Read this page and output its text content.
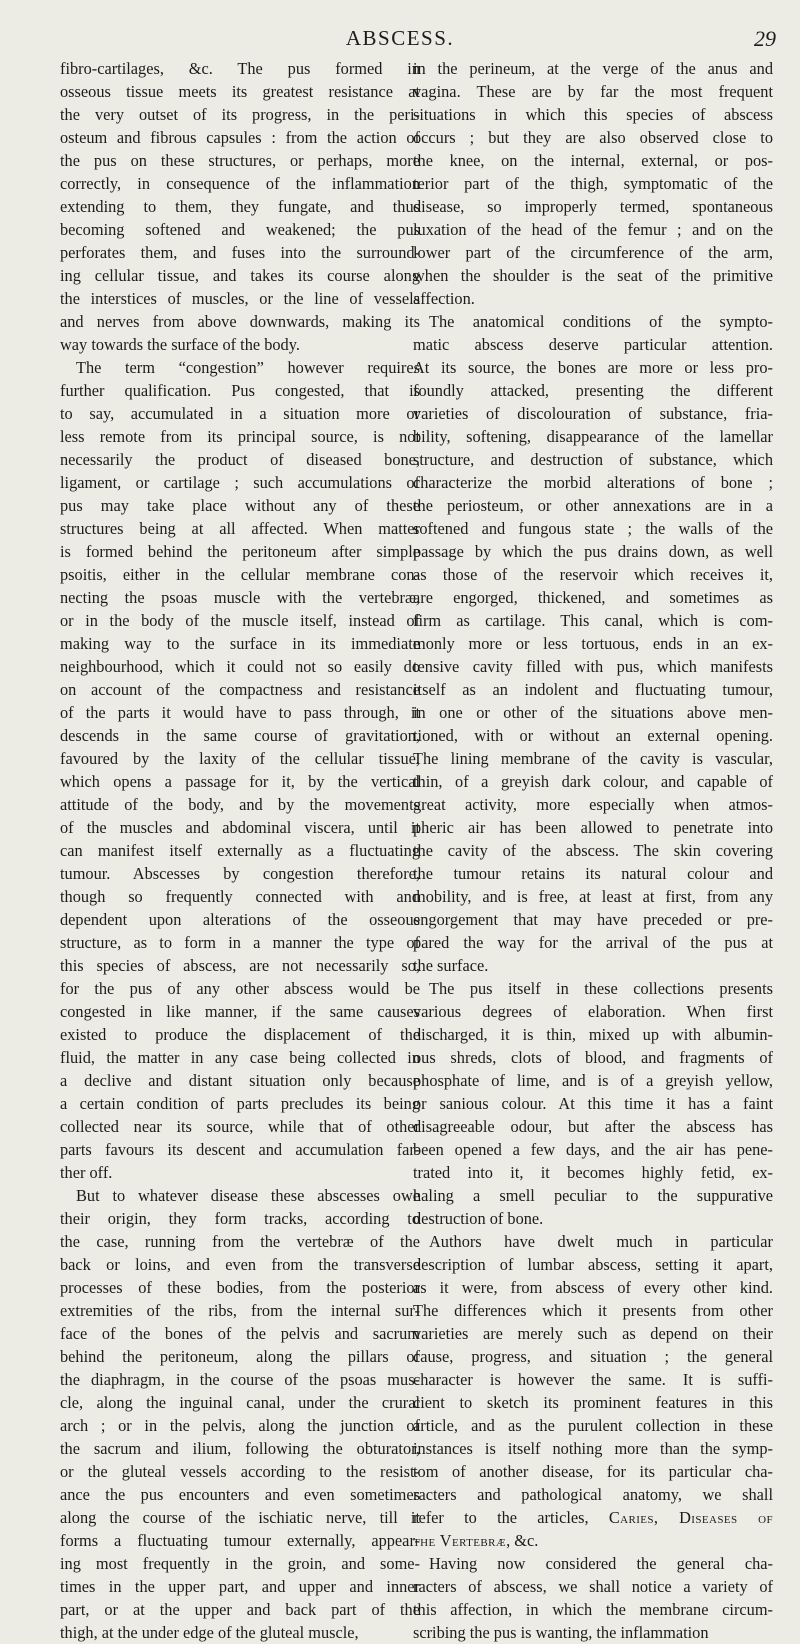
ABSCESS.	29
fibro-cartilages, &c. The pus formed in
osseous tissue meets its greatest resistance at
the very outset of its progress, in the peri-
osteum and fibrous capsules : from the action of
the pus on these structures, or perhaps, more
correctly, in consequence of the inflammation
extending to them, they fungate, and thus
becoming softened and weakened; the pus
perforates them, and fuses into the surround-
ing cellular tissue, and takes its course along
the interstices of muscles, or the line of vessels
and nerves from above downwards, making its
way towards the surface of the body.
The term “congestion” however requires
further qualification. Pus congested, that is
to say, accumulated in a situation more or
less remote from its principal source, is not
necessarily the product of diseased bone,
ligament, or cartilage ; such accumulations of
pus may take place without any of these
structures being at all affected. When matter
is formed behind the peritoneum after simple
psoitis, either in the cellular membrane con-
necting the psoas muscle with the vertebræ,
or in the body of the muscle itself, instead of
making way to the surface in its immediate
neighbourhood, which it could not so easily do
on account of the compactness and resistance
of the parts it would have to pass through, it
descends in the same course of gravitation,
favoured by the laxity of the cellular tissue,
which opens a passage for it, by the vertical
attitude of the body, and by the movements
of the muscles and abdominal viscera, until it
can manifest itself externally as a fluctuating
tumour. Abscesses by congestion therefore,
though so frequently connected with and
dependent upon alterations of the osseous
structure, as to form in a manner the type of
this species of abscess, are not necessarily so,
for the pus of any other abscess would be
congested in like manner, if the same causes
existed to produce the displacement of the
fluid, the matter in any case being collected in
a declive and distant situation only because
a certain condition of parts precludes its being
collected near its source, while that of other
parts favours its descent and accumulation far-
ther off.
But to whatever disease these abscesses owe
their origin, they form tracks, according to
the case, running from the vertebræ of the
back or loins, and even from the transverse
processes of these bodies, from the posterior
extremities of the ribs, from the internal sur-
face of the bones of the pelvis and sacrum
behind the peritoneum, along the pillars of
the diaphragm, in the course of the psoas mus-
cle, along the inguinal canal, under the crural
arch ; or in the pelvis, along the junction of
the sacrum and ilium, following the obturator,
or the gluteal vessels according to the resist-
ance the pus encounters and even sometimes
along the course of the ischiatic nerve, till it
forms a fluctuating tumour externally, appear-
ing most frequently in the groin, and some-
times in the upper part, and upper and inner
part, or at the upper and back part of the
thigh, at the under edge of the gluteal muscle,
in the perineum, at the verge of the anus and
vagina. These are by far the most frequent
situations in which this species of abscess
occurs ; but they are also observed close to
the knee, on the internal, external, or pos-
terior part of the thigh, symptomatic of the
disease, so improperly termed, spontaneous
luxation of the head of the femur ; and on the
lower part of the circumference of the arm,
when the shoulder is the seat of the primitive
affection.
The anatomical conditions of the sympto-
matic abscess deserve particular attention.
At its source, the bones are more or less pro-
foundly attacked, presenting the different
varieties of discolouration of substance, fria-
bility, softening, disappearance of the lamellar
structure, and destruction of substance, which
characterize the morbid alterations of bone ;
the periosteum, or other annexations are in a
softened and fungous state ; the walls of the
passage by which the pus drains down, as well
as those of the reservoir which receives it,
are engorged, thickened, and sometimes as
firm as cartilage. This canal, which is com-
monly more or less tortuous, ends in an ex-
tensive cavity filled with pus, which manifests
itself as an indolent and fluctuating tumour,
in one or other of the situations above men-
tioned, with or without an external opening.
The lining membrane of the cavity is vascular,
thin, of a greyish dark colour, and capable of
great activity, more especially when atmos-
pheric air has been allowed to penetrate into
the cavity of the abscess. The skin covering
the tumour retains its natural colour and
mobility, and is free, at least at first, from any
engorgement that may have preceded or pre-
pared the way for the arrival of the pus at
the surface.
The pus itself in these collections presents
various degrees of elaboration. When first
discharged, it is thin, mixed up with albumin-
ous shreds, clots of blood, and fragments of
phosphate of lime, and is of a greyish yellow,
or sanious colour. At this time it has a faint
disagreeable odour, but after the abscess has
been opened a few days, and the air has pene-
trated into it, it becomes highly fetid, ex-
haling a smell peculiar to the suppurative
destruction of bone.
Authors have dwelt much in particular
description of lumbar abscess, setting it apart,
as it were, from abscess of every other kind.
The differences which it presents from other
varieties are merely such as depend on their
cause, progress, and situation ; the general
character is however the same. It is suffi-
cient to sketch its prominent features in this
article, and as the purulent collection in these
instances is itself nothing more than the symp-
tom of another disease, for its particular cha-
racters and pathological anatomy, we shall
refer to the articles, Caries, Diseases of
the Vertebræ, &c.
Having now considered the general cha-
racters of abscess, we shall notice a variety of
this affection, in which the membrane circum-
scribing the pus is wanting, the inflammation
